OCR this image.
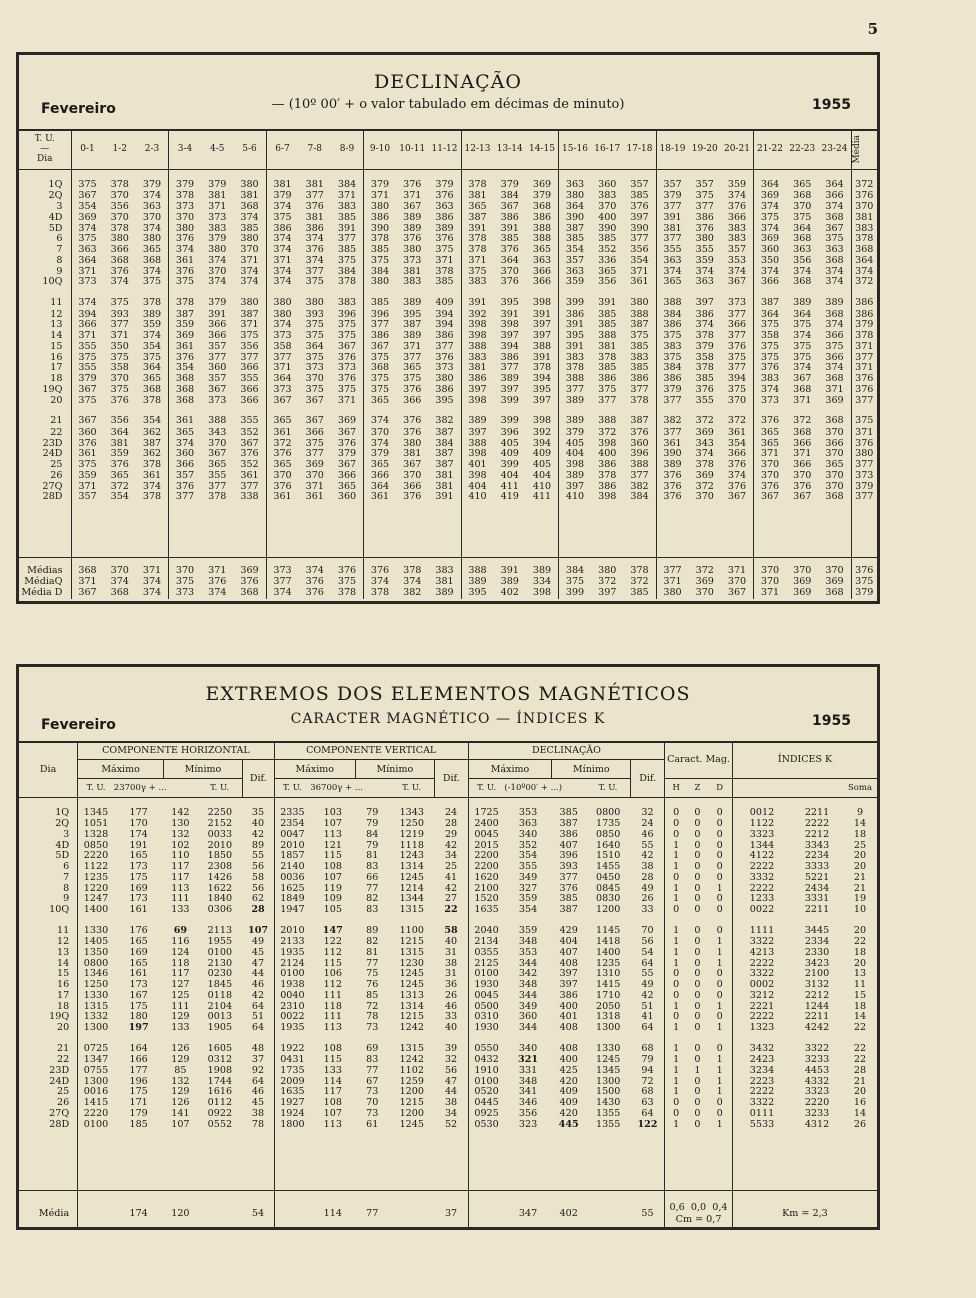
5
DECLINAÇÃO
— (10º 00′ + o valor tabulado em décimas de minuto)
Fevereiro	1955
T. U.
—
Dia	0-1	1-2	2-3	3-4	4-5	5-6	6-7	7-8	8-9	9-10	10-11	11-12	12-13	13-14	14-15	15-16	16-17	17-18	18-19	19-20	20-21	21-22	22-23	23-24	Média

1Q	375	378	379	379	379	380	381	381	384	379	376	379	378	379	369	363	360	357	357	357	359	364	365	364	372
2Q	367	370	374	378	381	381	379	377	371	371	371	376	381	384	379	380	383	385	379	375	374	369	368	366	376
3	354	356	363	373	371	368	374	376	383	380	367	363	365	367	368	364	370	376	377	377	376	374	370	374	370
4D	369	370	370	370	373	374	375	381	385	386	389	386	387	386	386	390	400	397	391	386	366	375	375	368	381
5D	374	378	374	380	383	385	386	386	391	390	389	389	391	391	388	387	390	390	381	376	383	374	364	367	383
6	375	380	380	376	379	380	374	374	377	378	376	376	378	385	388	385	385	377	377	380	383	369	368	375	378
7	363	366	365	374	380	370	374	376	385	385	380	375	378	376	365	354	352	356	355	355	357	360	363	363	368
8	364	368	368	361	374	371	371	374	375	375	373	371	371	364	363	357	336	354	363	359	353	350	356	368	364
9	371	376	374	376	370	374	374	377	384	384	381	378	375	370	366	363	365	371	374	374	374	374	374	374	374
10Q	373	374	375	375	374	374	374	375	378	380	383	385	383	376	366	359	356	361	365	363	367	366	368	374	372
11	374	375	378	378	379	380	380	380	383	385	389	409	391	395	398	399	391	380	388	397	373	387	389	389	386
12	394	393	389	387	391	387	380	393	396	396	395	394	392	391	391	386	385	388	384	386	377	364	364	368	386
13	366	377	359	359	366	371	374	375	375	377	387	394	398	398	397	391	385	387	386	374	366	375	375	374	379
14	371	371	374	369	366	375	373	375	375	386	389	386	398	397	397	395	388	375	375	378	377	358	374	366	378
15	355	350	354	361	357	356	358	364	367	367	371	377	388	394	388	391	381	385	383	379	376	375	375	375	371
16	375	375	375	376	377	377	377	375	376	375	377	376	383	386	391	383	378	383	375	358	375	375	375	366	377
17	355	358	364	354	360	366	371	373	373	368	365	373	381	377	378	378	385	385	384	378	377	376	374	374	371
18	379	370	365	368	357	355	364	370	376	375	375	380	386	389	394	388	386	386	386	385	394	383	367	368	376
19Q	367	375	368	368	367	366	373	375	375	375	376	386	397	397	395	377	375	377	379	376	375	374	368	371	376
20	375	376	378	368	373	366	367	367	371	365	366	395	398	399	397	389	377	378	377	355	370	373	371	369	377
21	367	356	354	361	388	355	365	367	369	374	376	382	389	399	398	389	388	387	382	372	372	376	372	368	375
22	360	364	362	365	343	352	361	366	367	370	376	387	397	396	392	379	372	376	377	369	361	365	368	370	371
23D	376	381	387	374	370	367	372	375	376	374	380	384	388	405	394	405	398	360	361	343	354	365	366	366	376
24D	361	359	362	360	367	376	376	377	379	379	381	387	398	409	409	404	400	396	390	374	366	371	371	370	380
25	375	376	378	366	365	352	365	369	367	365	367	387	401	399	405	398	386	388	389	378	376	370	366	365	377
26	359	365	361	357	355	361	370	370	366	366	370	381	398	404	404	389	378	377	376	369	374	370	370	370	373
27Q	371	372	374	376	377	377	376	371	365	364	366	381	404	411	410	397	386	382	376	372	376	376	376	370	379
28D	357	354	378	377	378	338	361	361	360	361	376	391	410	419	411	410	398	384	376	370	367	367	367	368	377

Médias	368	370	371	370	371	369	373	374	376	376	378	383	388	391	389	384	380	378	377	372	371	370	370	370	376
MédiaQ	371	374	374	375	376	376	377	376	375	374	374	381	389	389	334	375	372	372	371	369	370	370	369	369	375
Média D	367	368	374	373	374	368	374	376	378	378	382	389	395	402	398	399	397	385	380	370	367	371	369	368	379
EXTREMOS DOS ELEMENTOS MAGNÉTICOS
CARACTER MAGNÉTICO — ÍNDICES K
Fevereiro	1955
Dia	COMPONENTE HORIZONTAL					COMPONENTE VERTICAL					DECLINAÇÃO					Caract. Mag.			ÍNDICES K		
	Máximo		Mínimo		Dif.	Máximo		Mínimo		Dif.	Máximo		Mínimo		Dif.						
	T. U.	23700γ + ...		T. U.		T. U.	36700γ + ...		T. U.		T. U.	(-10º00′ + ...)		T. U.		H	Z	D			Soma
1Q	1345	177	142	2250	35	2335	103	79	1343	24	1725	353	385	0800	32	0	0	0	0012	2211	9
2Q	1051	170	130	2152	40	2354	107	79	1250	28	2400	363	387	1735	24	0	0	0	1122	2222	14
3	1328	174	132	0033	42	0047	113	84	1219	29	0045	340	386	0850	46	0	0	0	3323	2212	18
4D	0850	191	102	2010	89	2010	121	79	1118	42	2015	352	407	1640	55	1	0	0	1344	3343	25
5D	2220	165	110	1850	55	1857	115	81	1243	34	2200	354	396	1510	42	1	0	0	4122	2234	20
6	1122	173	117	2308	56	2140	108	83	1314	25	2200	355	393	1455	38	1	0	0	2222	3333	20
7	1235	175	117	1426	58	0036	107	66	1245	41	1620	349	377	0450	28	0	0	0	3332	5221	21
8	1220	169	113	1622	56	1625	119	77	1214	42	2100	327	376	0845	49	1	0	1	2222	2434	21
9	1247	173	111	1840	62	1849	109	82	1344	27	1520	359	385	0830	26	1	0	0	1233	3331	19
10Q	1400	161	133	0306	28	1947	105	83	1315	22	1635	354	387	1200	33	0	0	0	0022	2211	10
11	1330	176	69	2113	107	2010	147	89	1100	58	2040	359	429	1145	70	1	0	0	1111	3445	20
12	1405	165	116	1955	49	2133	122	82	1215	40	2134	348	404	1418	56	1	0	1	3322	2334	22
13	1350	169	124	0100	45	1935	112	81	1315	31	0355	353	407	1400	54	1	0	1	4213	2330	18
14	0800	165	118	2130	47	2124	115	77	1230	38	2125	344	408	1235	64	1	0	1	2222	3423	20
15	1346	161	117	0230	44	0100	106	75	1245	31	0100	342	397	1310	55	0	0	0	3322	2100	13
16	1250	173	127	1845	46	1938	112	76	1245	36	1930	348	397	1415	49	0	0	0	0002	3132	11
17	1330	167	125	0118	42	0040	111	85	1313	26	0045	344	386	1710	42	0	0	0	3212	2212	15
18	1315	175	111	2104	64	2310	118	72	1314	46	0500	349	400	2050	51	1	0	1	2221	1244	18
19Q	1332	180	129	0013	51	0022	111	78	1215	33	0310	360	401	1318	41	0	0	0	2222	2211	14
20	1300	197	133	1905	64	1935	113	73	1242	40	1930	344	408	1300	64	1	0	1	1323	4242	22
21	0725	164	126	1605	48	1922	108	69	1315	39	0550	340	408	1330	68	1	0	0	3432	3322	22
22	1347	166	129	0312	37	0431	115	83	1242	32	0432	321	400	1245	79	1	0	1	2423	3233	22
23D	0755	177	85	1908	92	1735	133	77	1102	56	1910	331	425	1345	94	1	1	1	3234	4453	28
24D	1300	196	132	1744	64	2009	114	67	1259	47	0100	348	420	1300	72	1	0	1	2223	4332	21
25	0016	175	129	1616	46	1635	117	73	1200	44	0520	341	409	1500	68	1	0	1	2222	3323	20
26	1415	171	126	0112	45	1927	108	70	1215	38	0445	346	409	1430	63	0	0	0	3322	2220	16
27Q	2220	179	141	0922	38	1924	107	73	1200	34	0925	356	420	1355	64	0	0	0	0111	3233	14
28D	0100	185	107	0552	78	1800	113	61	1245	52	0530	323	445	1355	122	1	0	1	5533	4312	26

Média		174	120		54		114	77		37		347	402		55	0,6  0,0  0,4
Cm = 0,7			Km = 2,3		
